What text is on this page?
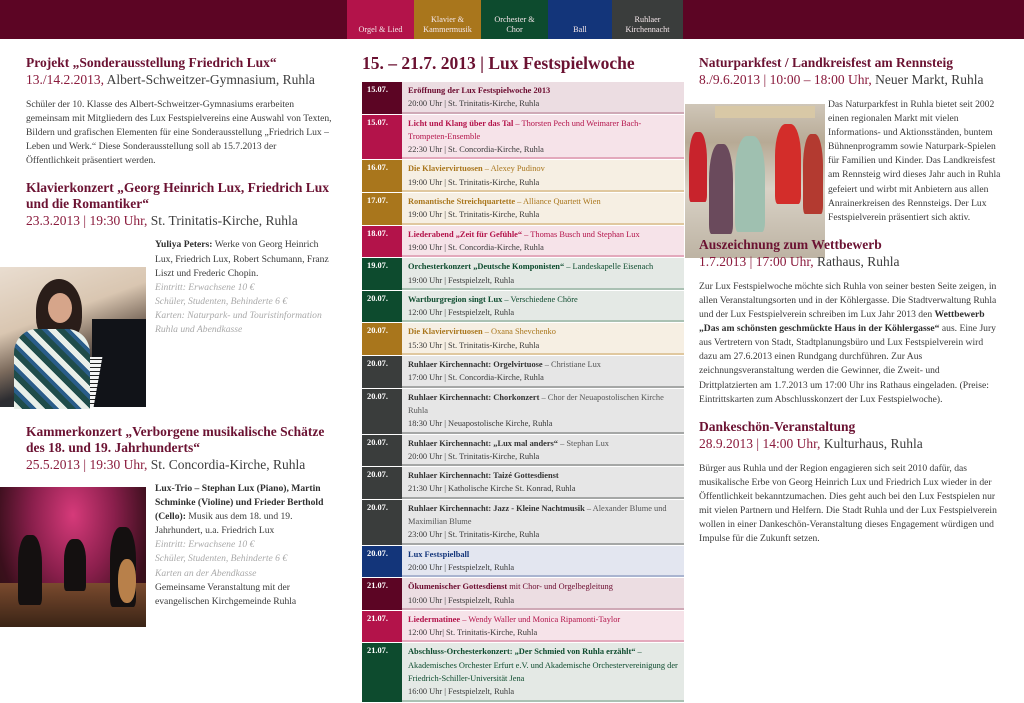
Orgel & Lied
Klavier &
Kammermusik
Orchester &
Chor	Ball
Ruhlaer
Kirchennacht
Projekt „Sonderausstellung Friedrich Lux“
13./14.2.2013, Albert-Schweitzer-Gymnasium, Ruhla

Schüler der 10. Klasse des Albert-Schweitzer-Gymnasiums erarbeiten gemeinsam mit Mitgliedern des Lux Festspielvereins eine Auswahl von Texten, Bildern und grafischen Elementen für eine Sonderausstellung „Friedrich Lux – Leben und Werk.“ Diese Sonderausstellung soll ab 15.7.2013 der Öffentlichkeit präsentiert werden.

Klavierkonzert „Georg Heinrich Lux, Friedrich Lux und die Romantiker“
23.3.2013 | 19:30 Uhr, St. Trinitatis-Kirche, Ruhla

Yuliya Peters: Werke von Georg Heinrich Lux, Friedrich Lux, Robert Schumann, Franz Liszt und Frederic Chopin.

Eintritt: Erwachsene 10 €
Schüler, Studenten, Behinderte 6 €
Karten: Naturpark- und Touristinformation Ruhla und Abendkasse
Kammerkonzert „Verborgene musikalische Schätze des 18. und 19. Jahrhunderts“
25.5.2013 | 19:30 Uhr, St. Concordia-Kirche, Ruhla

Lux-Trio – Stephan Lux (Piano), Martin Schminke (Violine) und Frieder Berthold (Cello): Musik aus dem 18. und 19. Jahrhundert, u.a. Friedrich Lux

Eintritt: Erwachsene 10 €
Schüler, Studenten, Behinderte 6 €
Karten an der Abendkasse

Gemeinsame Veranstaltung mit der evangelischen Kirchgemeinde Ruhla

15. – 21.7. 2013 | Lux Festspielwoche
15.07.	Eröffnung der Lux Festspielwoche 2013
20:00 Uhr | St. Trinitatis-Kirche, Ruhla
15.07.	Licht und Klang über das Tal – Thorsten Pech und Weimarer Bach-Trompeten-Ensemble
22:30 Uhr | St. Concordia-Kirche, Ruhla
16.07.	Die Klaviervirtuosen – Alexey Pudinov
19:00 Uhr | St. Trinitatis-Kirche, Ruhla
17.07.	Romantische Streichquartette – Alliance Quartett Wien
19:00 Uhr | St. Trinitatis-Kirche, Ruhla
18.07.	Liederabend „Zeit für Gefühle“ – Thomas Busch und Stephan Lux
19:00 Uhr | St. Concordia-Kirche, Ruhla
19.07.	Orchesterkonzert „Deutsche Komponisten“ – Landeskapelle Eisenach
19:00 Uhr | Festspielzelt, Ruhla
20.07.	Wartburgregion singt Lux – Verschiedene Chöre
12:00 Uhr | Festspielzelt, Ruhla
20.07.	Die Klaviervirtuosen – Oxana Shevchenko
15:30 Uhr | St. Trinitatis-Kirche, Ruhla
20.07.	Ruhlaer Kirchennacht: Orgelvirtuose – Christiane Lux
17:00 Uhr | St. Concordia-Kirche, Ruhla
20.07.	Ruhlaer Kirchennacht: Chorkonzert – Chor der Neuapostolischen Kirche Ruhla
18:30 Uhr | Neuapostolische Kirche, Ruhla
20.07.	Ruhlaer Kirchennacht: „Lux mal anders“ – Stephan Lux
20:00 Uhr | St. Trinitatis-Kirche, Ruhla
20.07.	Ruhlaer Kirchennacht: Taizé Gottesdienst
21:30 Uhr | Katholische Kirche St. Konrad, Ruhla
20.07.	Ruhlaer Kirchennacht: Jazz - Kleine Nachtmusik – Alexander Blume und Maximilian Blume
23:00 Uhr | St. Trinitatis-Kirche, Ruhla
20.07.	Lux Festspielball
20:00 Uhr | Festspielzelt, Ruhla
21.07.	Ökumenischer Gottesdienst mit Chor- und Orgelbegleitung
10:00 Uhr | Festspielzelt, Ruhla
21.07.	Liedermatinee – Wendy Waller und Monica Ripamonti-Taylor
12:00 Uhr| St. Trinitatis-Kirche, Ruhla
21.07.	Abschluss-Orchesterkonzert: „Der Schmied von Ruhla erzählt“ – Akademisches Orchester Erfurt e.V. und Akademische Orchestervereinigung der Friedrich-Schiller-Universität Jena
16:00 Uhr | Festspielzelt, Ruhla
Naturparkfest / Landkreisfest am Rennsteig
8./9.6.2013 | 10:00 – 18:00 Uhr, Neuer Markt, Ruhla

Das Naturparkfest in Ruhla bietet seit 2002 einen regionalen Markt mit vielen Informations- und Aktionsständen, buntem Bühnenprogramm sowie Naturpark-Spielen für Familien und Kinder. Das Landkreisfest am Rennsteig wird dieses Jahr auch in Ruhla gefeiert und wirbt mit Anbietern aus allen Anrainerkreisen des Rennsteigs. Der Lux Festspielverein präsentiert sich aktiv.

Auszeichnung zum Wettbewerb
1.7.2013 | 17:00 Uhr, Rathaus, Ruhla

Zur Lux Festspielwoche möchte sich Ruhla von seiner besten Seite zeigen, in allen Veranstaltungsorten und in der Köhlergasse. Die Stadtverwaltung Ruhla und der Lux Festspielverein schreiben im Lux Jahr 2013 den Wettbewerb „Das am schönsten geschmückte Haus in der Köhlergasse“ aus. Eine Jury aus Vertretern von Stadt, Stadtplanungsbüro und Lux Festspielverein wird dazu am 27.6.2013 einen Rundgang durchführen. Zur Aus zeichnungsveranstaltung werden die Gewinner, die Zweit- und Drittplatzierten am 1.7.2013 um 17:00 Uhr ins Rathaus eingeladen. (Preise: Eintrittskarten zum Abschlusskonzert der Lux Festspielwoche).

Dankeschön-Veranstaltung
28.9.2013 | 14:00 Uhr, Kulturhaus, Ruhla

Bürger aus Ruhla und der Region engagieren sich seit 2010 dafür, das musikalische Erbe von Georg Heinrich Lux und Friedrich Lux wieder in der Öffentlichkeit bekanntzumachen. Dies geht auch bei den Lux Festspielen nur mit vielen Partnern und Helfern. Die Stadt Ruhla und der Lux Festspielverein wollen in einer Dankeschön-Veranstaltung dieses Engagement würdigen und Impulse für die Zukunft setzen.
